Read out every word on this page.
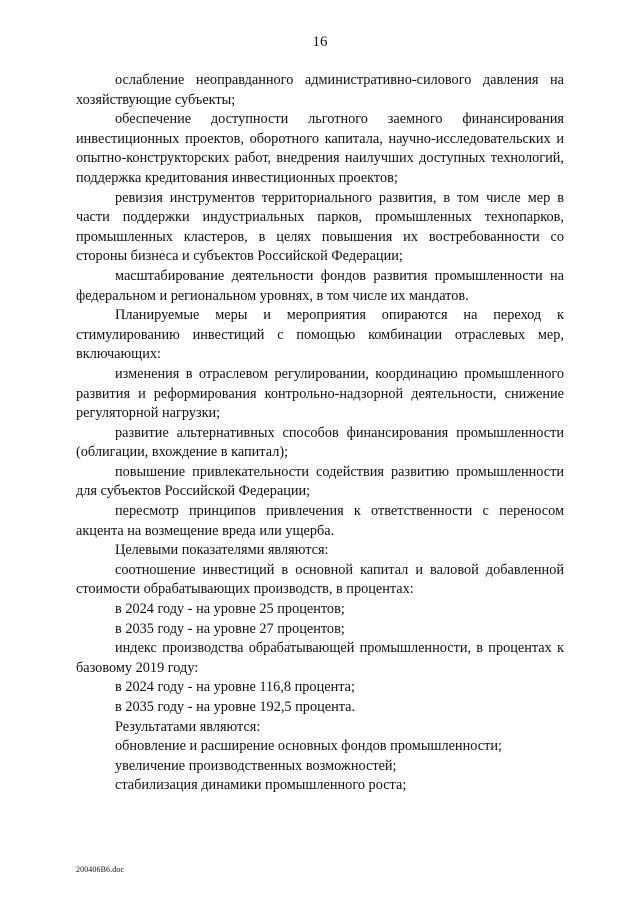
16

ослабление неоправданного административно-силового давления на хозяйствующие субъекты;

обеспечение доступности льготного заемного финансирования инвестиционных проектов, оборотного капитала, научно-исследовательских и опытно-конструкторских работ, внедрения наилучших доступных технологий, поддержка кредитования инвестиционных проектов;

ревизия инструментов территориального развития, в том числе мер в части поддержки индустриальных парков, промышленных технопарков, промышленных кластеров, в целях повышения их востребованности со стороны бизнеса и субъектов Российской Федерации;

масштабирование деятельности фондов развития промышленности на федеральном и региональном уровнях, в том числе их мандатов.

Планируемые меры и мероприятия опираются на переход к стимулированию инвестиций с помощью комбинации отраслевых мер, включающих:

изменения в отраслевом регулировании, координацию промышленного развития и реформирования контрольно-надзорной деятельности, снижение регуляторной нагрузки;

развитие альтернативных способов финансирования промышленности (облигации, вхождение в капитал);

повышение привлекательности содействия развитию промышленности для субъектов Российской Федерации;

пересмотр принципов привлечения к ответственности с переносом акцента на возмещение вреда или ущерба.

Целевыми показателями являются:

соотношение инвестиций в основной капитал и валовой добавленной стоимости обрабатывающих производств, в процентах:

в 2024 году - на уровне 25 процентов;

в 2035 году - на уровне 27 процентов;

индекс производства обрабатывающей промышленности, в процентах к базовому 2019 году:

в 2024 году - на уровне 116,8 процента;

в 2035 году - на уровне 192,5 процента.

Результатами являются:

обновление и расширение основных фондов промышленности;

увеличение производственных возможностей;

стабилизация динамики промышленного роста;

200406В6.doc
